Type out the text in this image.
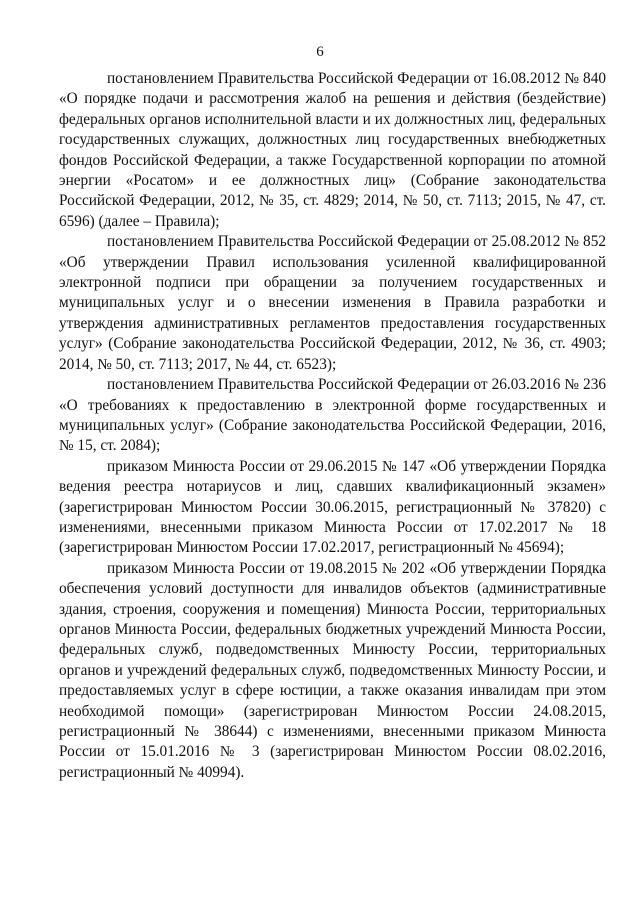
6

постановлением Правительства Российской Федерации от 16.08.2012 № 840 «О порядке подачи и рассмотрения жалоб на решения и действия (бездействие) федеральных органов исполнительной власти и их должностных лиц, федеральных государственных служащих, должностных лиц государственных внебюджетных фондов Российской Федерации, а также Государственной корпорации по атомной энергии «Росатом» и ее должностных лиц» (Собрание законодательства Российской Федерации, 2012, № 35, ст. 4829; 2014, № 50, ст. 7113; 2015, № 47, ст. 6596) (далее – Правила);

постановлением Правительства Российской Федерации от 25.08.2012 № 852 «Об утверждении Правил использования усиленной квалифицированной электронной подписи при обращении за получением государственных и муниципальных услуг и о внесении изменения в Правила разработки и утверждения административных регламентов предоставления государственных услуг» (Собрание законодательства Российской Федерации, 2012, № 36, ст. 4903; 2014, № 50, ст. 7113; 2017, № 44, ст. 6523);

постановлением Правительства Российской Федерации от 26.03.2016 № 236 «О требованиях к предоставлению в электронной форме государственных и муниципальных услуг» (Собрание законодательства Российской Федерации, 2016, № 15, ст. 2084);

приказом Минюста России от 29.06.2015 № 147 «Об утверждении Порядка ведения реестра нотариусов и лиц, сдавших квалификационный экзамен» (зарегистрирован Минюстом России 30.06.2015, регистрационный № 37820) с изменениями, внесенными приказом Минюста России от 17.02.2017 № 18 (зарегистрирован Минюстом России 17.02.2017, регистрационный № 45694);

приказом Минюста России от 19.08.2015 № 202 «Об утверждении Порядка обеспечения условий доступности для инвалидов объектов (административные здания, строения, сооружения и помещения) Минюста России, территориальных органов Минюста России, федеральных бюджетных учреждений Минюста России, федеральных служб, подведомственных Минюсту России, территориальных органов и учреждений федеральных служб, подведомственных Минюсту России, и предоставляемых услуг в сфере юстиции, а также оказания инвалидам при этом необходимой помощи» (зарегистрирован Минюстом России 24.08.2015, регистрационный № 38644) с изменениями, внесенными приказом Минюста России от 15.01.2016 № 3 (зарегистрирован Минюстом России 08.02.2016, регистрационный № 40994).
